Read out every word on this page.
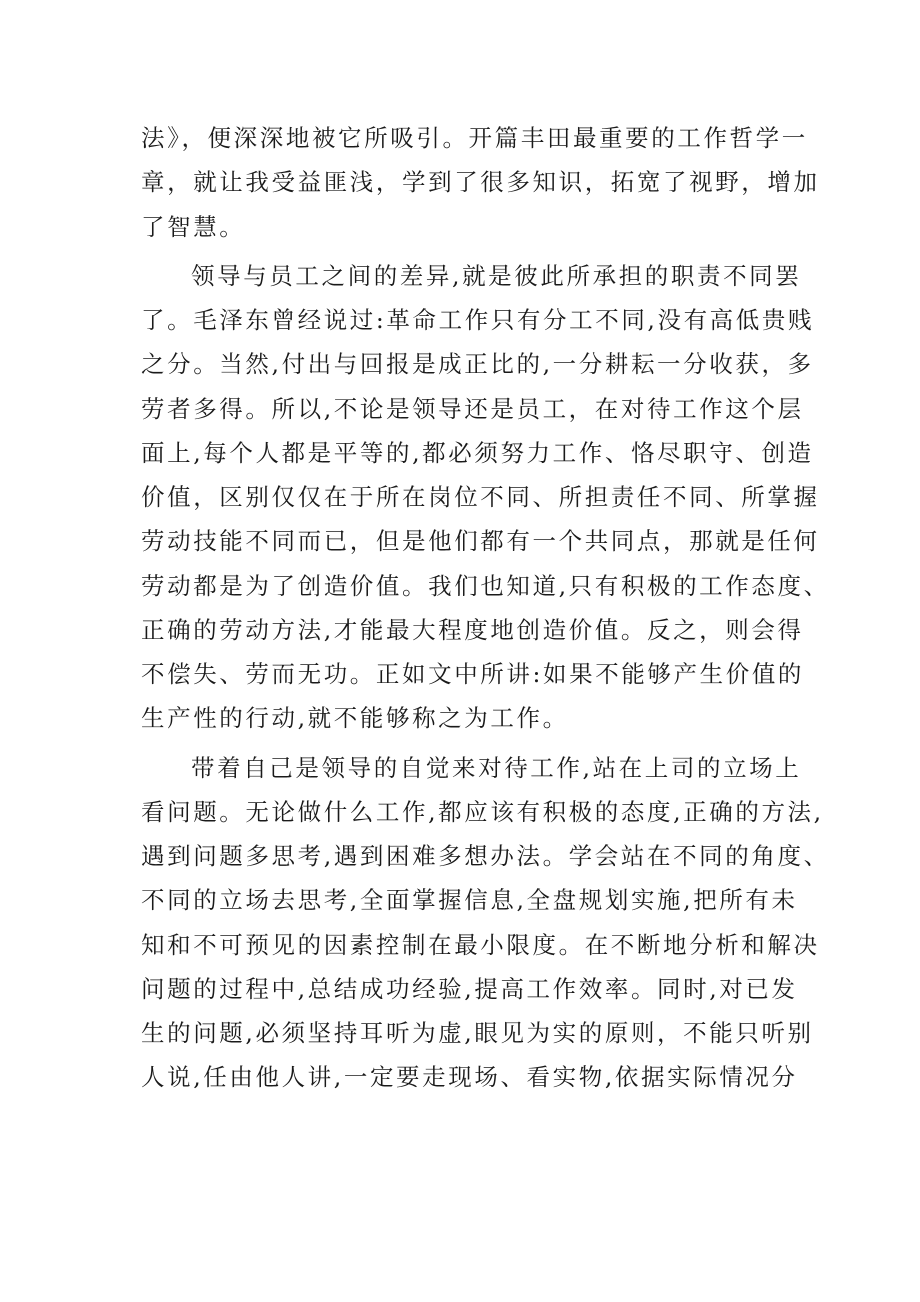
法》，便深深地被它所吸引。开篇丰田最重要的工作哲学一
章，就让我受益匪浅，学到了很多知识，拓宽了视野，增加
了智慧。
领导与员工之间的差异,就是彼此所承担的职责不同罢
了。毛泽东曾经说过:革命工作只有分工不同,没有高低贵贱
之分。当然,付出与回报是成正比的,一分耕耘一分收获，多
劳者多得。所以,不论是领导还是员工，在对待工作这个层
面上,每个人都是平等的,都必须努力工作、恪尽职守、创造
价值，区别仅仅在于所在岗位不同、所担责任不同、所掌握
劳动技能不同而已，但是他们都有一个共同点，那就是任何
劳动都是为了创造价值。我们也知道,只有积极的工作态度、
正确的劳动方法,才能最大程度地创造价值。反之，则会得
不偿失、劳而无功。正如文中所讲:如果不能够产生价值的
生产性的行动,就不能够称之为工作。
带着自己是领导的自觉来对待工作,站在上司的立场上
看问题。无论做什么工作,都应该有积极的态度,正确的方法,
遇到问题多思考,遇到困难多想办法。学会站在不同的角度、
不同的立场去思考,全面掌握信息,全盘规划实施,把所有未
知和不可预见的因素控制在最小限度。在不断地分析和解决
问题的过程中,总结成功经验,提高工作效率。同时,对已发
生的问题,必须坚持耳听为虚,眼见为实的原则，不能只听别
人说,任由他人讲,一定要走现场、看实物,依据实际情况分
